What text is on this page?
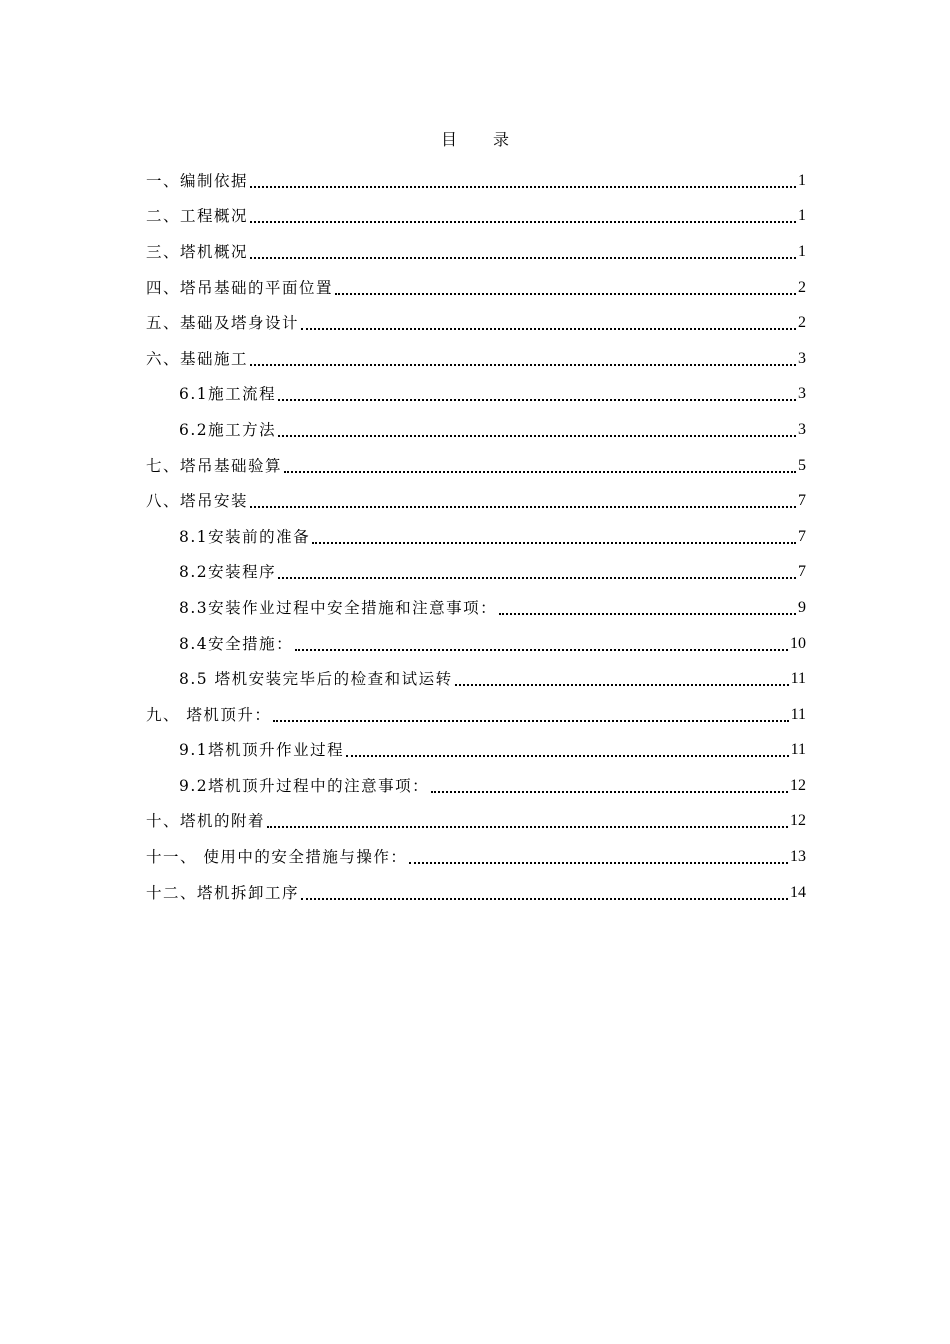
目 录
一、编制依据	1
二、工程概况	1
三、塔机概况	1
四、塔吊基础的平面位置	2
五、基础及塔身设计	2
六、基础施工	3
6.1施工流程	3
6.2施工方法	3
七、塔吊基础验算	5
八、塔吊安装	7
8.1安装前的准备	7
8.2安装程序	7
8.3安装作业过程中安全措施和注意事项：	9
8.4安全措施：	10
8.5 塔机安装完毕后的检查和试运转	11
九、 塔机顶升：	11
9.1塔机顶升作业过程	11
9.2塔机顶升过程中的注意事项：	12
十、塔机的附着	12
十一、 使用中的安全措施与操作：	13
十二、塔机拆卸工序	14
